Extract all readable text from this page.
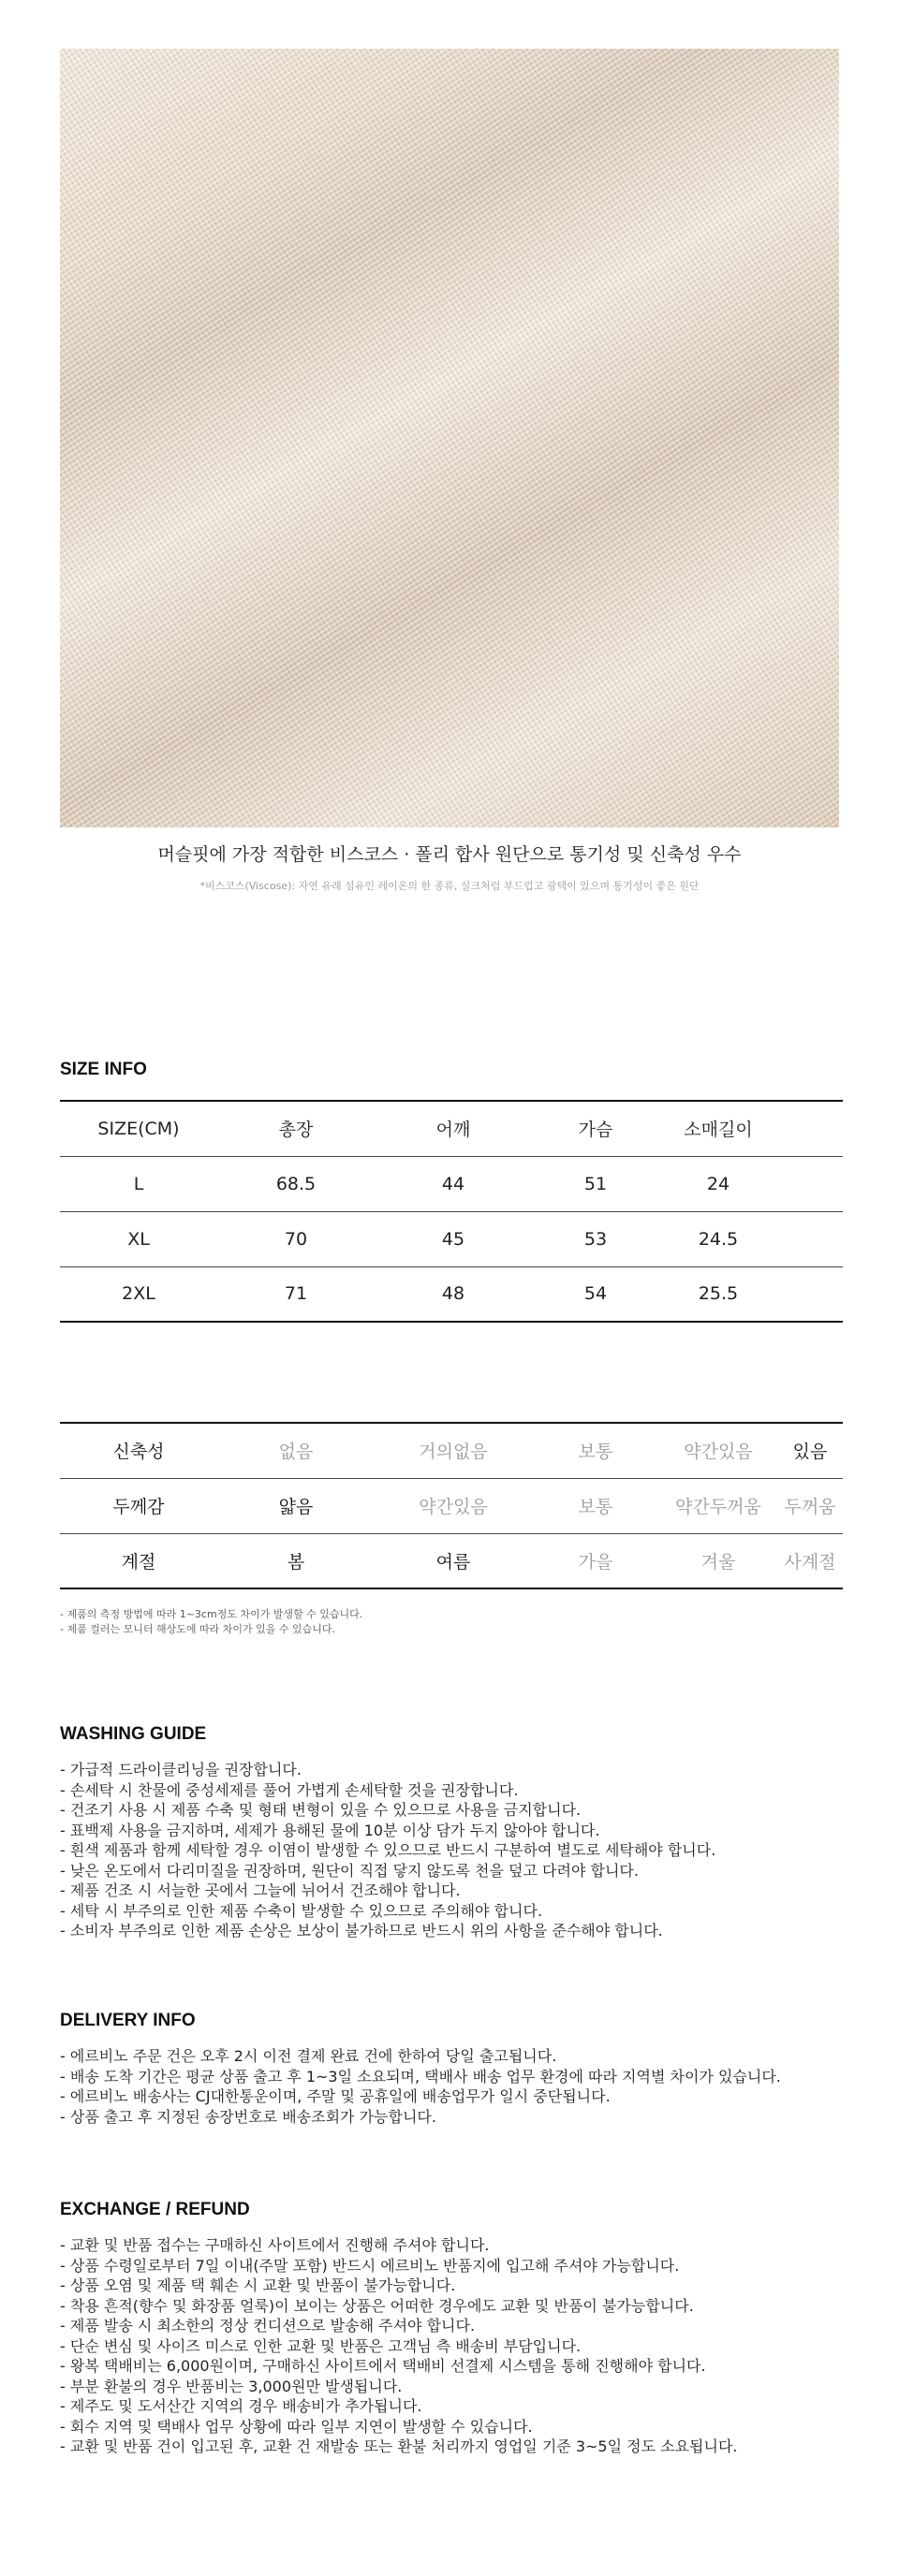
머슬핏에 가장 적합한 비스코스 · 폴리 합사 원단으로 통기성 및 신축성 우수
*비스코스(Viscose): 자연 유래 섬유인 레이온의 한 종류, 실크처럼 부드럽고 광택이 있으며 통기성이 좋은 원단
SIZE INFO
SIZE(CM)	총장	어깨	가슴	소매길이	
L	68.5	44	51	24	
XL	70	45	53	24.5	
2XL	71	48	54	25.5	
신축성	없음	거의없음	보통	약간있음	있음
두께감	얇음	약간있음	보통	약간두꺼움	두꺼움
계절	봄	여름	가을	겨울	사계절
- 제품의 측정 방법에 따라 1~3cm정도 차이가 발생할 수 있습니다.
- 제품 컬러는 모니터 해상도에 따라 차이가 있을 수 있습니다.
WASHING GUIDE
- 가급적 드라이클리닝을 권장합니다.
- 손세탁 시 찬물에 중성세제를 풀어 가볍게 손세탁할 것을 권장합니다.
- 건조기 사용 시 제품 수축 및 형태 변형이 있을 수 있으므로 사용을 금지합니다.
- 표백제 사용을 금지하며, 세제가 용해된 물에 10분 이상 담가 두지 않아야 합니다.
- 흰색 제품과 함께 세탁할 경우 이염이 발생할 수 있으므로 반드시 구분하여 별도로 세탁해야 합니다.
- 낮은 온도에서 다리미질을 권장하며, 원단이 직접 닿지 않도록 천을 덮고 다려야 합니다.
- 제품 건조 시 서늘한 곳에서 그늘에 뉘어서 건조해야 합니다.
- 세탁 시 부주의로 인한 제품 수축이 발생할 수 있으므로 주의해야 합니다.
- 소비자 부주의로 인한 제품 손상은 보상이 불가하므로 반드시 위의 사항을 준수해야 합니다.
DELIVERY INFO
- 에르비노 주문 건은 오후 2시 이전 결제 완료 건에 한하여 당일 출고됩니다.
- 배송 도착 기간은 평균 상품 출고 후 1~3일 소요되며, 택배사 배송 업무 환경에 따라 지역별 차이가 있습니다.
- 에르비노 배송사는 CJ대한통운이며, 주말 및 공휴일에 배송업무가 일시 중단됩니다.
- 상품 출고 후 지정된 송장번호로 배송조회가 가능합니다.
EXCHANGE / REFUND
- 교환 및 반품 접수는 구매하신 사이트에서 진행해 주셔야 합니다.
- 상품 수령일로부터 7일 이내(주말 포함) 반드시 에르비노 반품지에 입고해 주셔야 가능합니다.
- 상품 오염 및 제품 택 훼손 시 교환 및 반품이 불가능합니다.
- 착용 흔적(향수 및 화장품 얼룩)이 보이는 상품은 어떠한 경우에도 교환 및 반품이 불가능합니다.
- 제품 발송 시 최소한의 정상 컨디션으로 발송해 주셔야 합니다.
- 단순 변심 및 사이즈 미스로 인한 교환 및 반품은 고객님 측 배송비 부담입니다.
- 왕복 택배비는 6,000원이며, 구매하신 사이트에서 택배비 선결제 시스템을 통해 진행해야 합니다.
- 부분 환불의 경우 반품비는 3,000원만 발생됩니다.
- 제주도 및 도서산간 지역의 경우 배송비가 추가됩니다.
- 회수 지역 및 택배사 업무 상황에 따라 일부 지연이 발생할 수 있습니다.
- 교환 및 반품 건이 입고된 후, 교환 건 재발송 또는 환불 처리까지 영업일 기준 3~5일 정도 소요됩니다.
